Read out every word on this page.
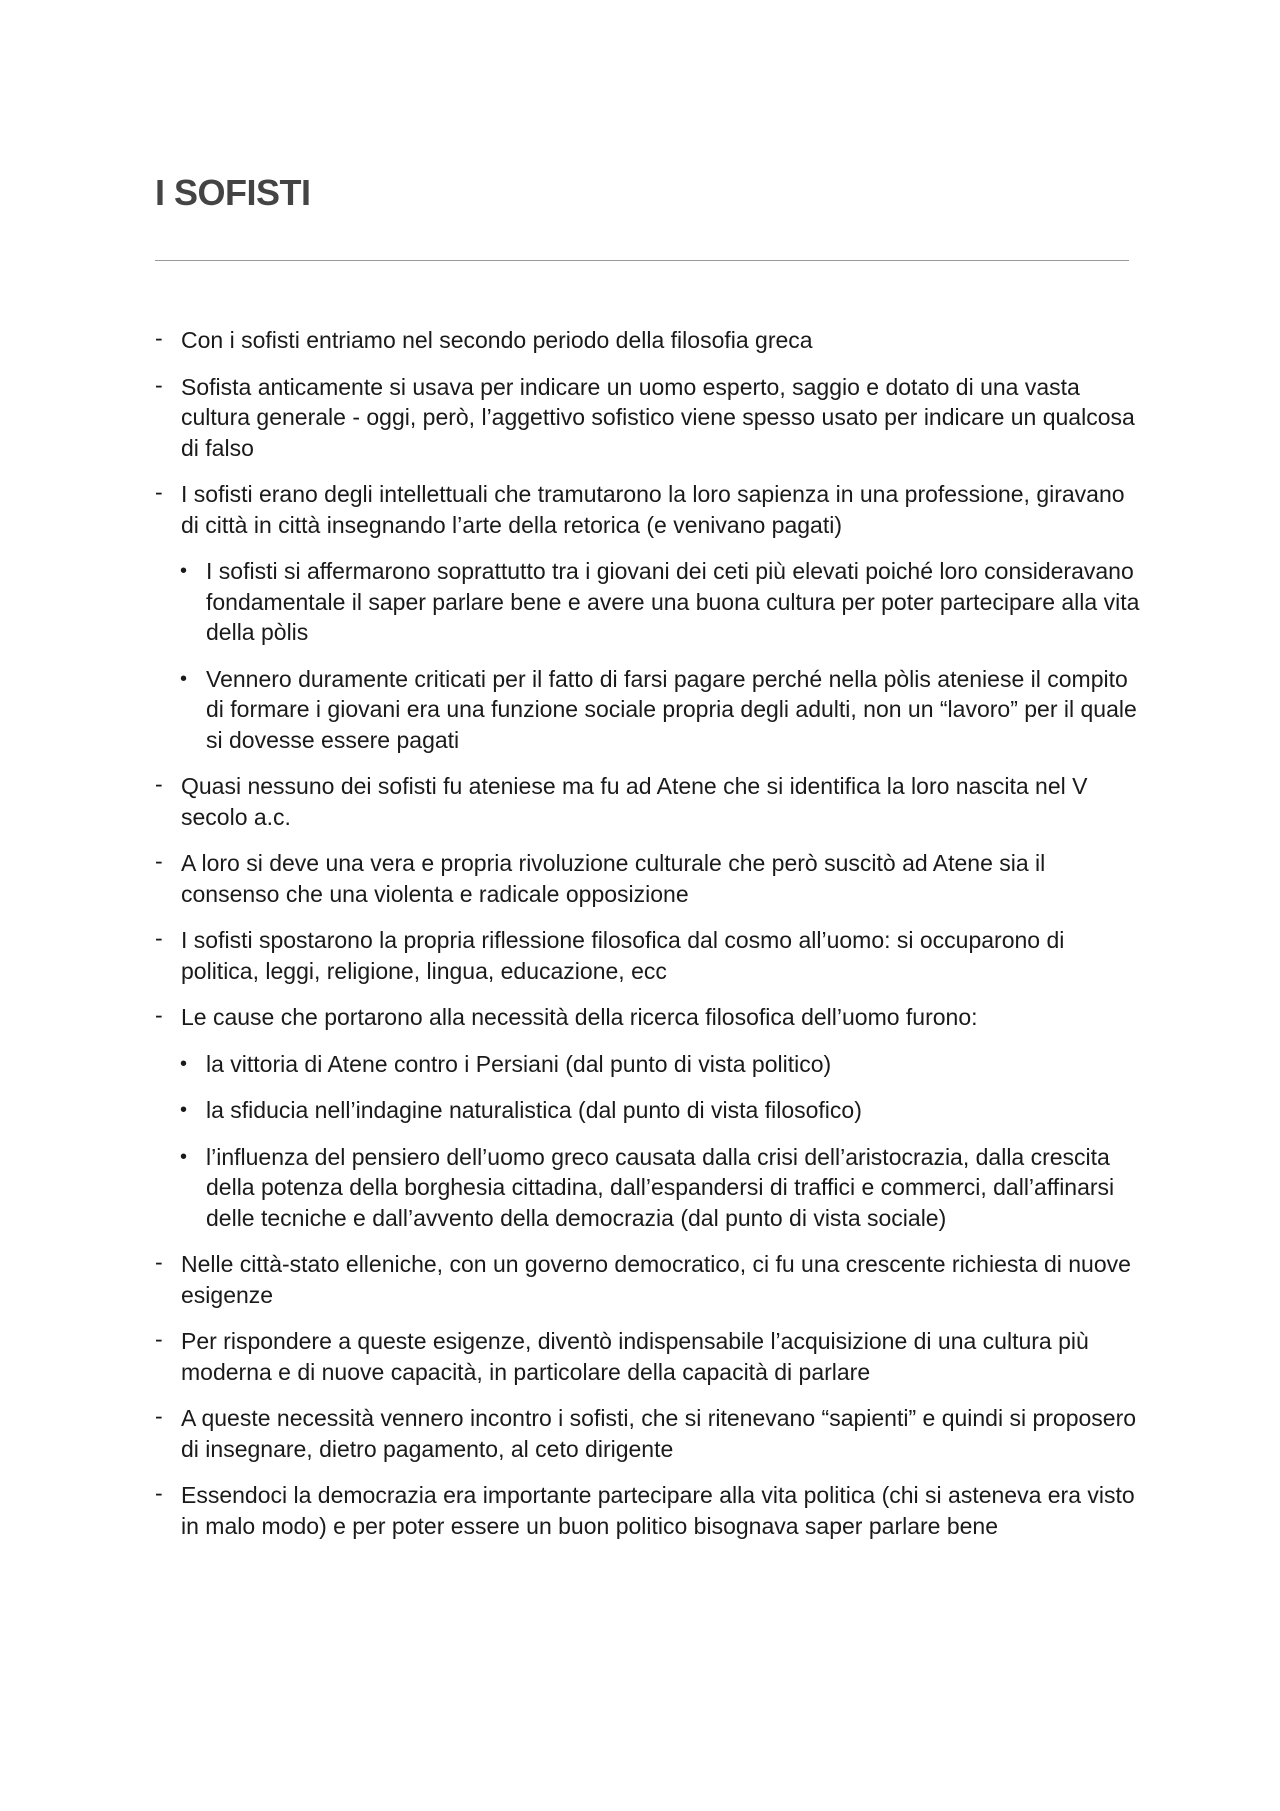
I SOFISTI
- Con i sofisti entriamo nel secondo periodo della filosofia greca
- Sofista anticamente si usava per indicare un uomo esperto, saggio e dotato di una vasta cultura generale - oggi, però, l’aggettivo sofistico viene spesso usato per indicare un qualcosa di falso
- I sofisti erano degli intellettuali che tramutarono la loro sapienza in una professione, giravano di città in città insegnando l’arte della retorica (e venivano pagati)
• I sofisti si affermarono soprattutto tra i giovani dei ceti più elevati poiché loro consideravano fondamentale il saper parlare bene e avere una buona cultura per poter partecipare alla vita della pòlis
• Vennero duramente criticati per il fatto di farsi pagare perché nella pòlis ateniese il compito di formare i giovani era una funzione sociale propria degli adulti, non un “lavoro” per il quale si dovesse essere pagati
- Quasi nessuno dei sofisti fu ateniese ma fu ad Atene che si identifica la loro nascita nel V secolo a.c.
- A loro si deve una vera e propria rivoluzione culturale che però suscitò ad Atene sia il consenso che una violenta e radicale opposizione
- I sofisti spostarono la propria riflessione filosofica dal cosmo all’uomo: si occuparono di politica, leggi, religione, lingua, educazione, ecc
- Le cause che portarono alla necessità della ricerca filosofica dell’uomo furono:
• la vittoria di Atene contro i Persiani (dal punto di vista politico)
• la sfiducia nell’indagine naturalistica (dal punto di vista filosofico)
• l’influenza del pensiero dell’uomo greco causata dalla crisi dell’aristocrazia, dalla crescita della potenza della borghesia cittadina, dall’espandersi di traffici e commerci, dall’affinarsi delle tecniche e dall’avvento della democrazia (dal punto di vista sociale)
- Nelle città-stato elleniche, con un governo democratico, ci fu una crescente richiesta di nuove esigenze
- Per rispondere a queste esigenze, diventò indispensabile l’acquisizione di una cultura più moderna e di nuove capacità, in particolare della capacità di parlare
- A queste necessità vennero incontro i sofisti, che si ritenevano “sapienti” e quindi si proposero di insegnare, dietro pagamento, al ceto dirigente
- Essendoci la democrazia era importante partecipare alla vita politica (chi si asteneva era visto in malo modo) e per poter essere un buon politico bisognava saper parlare bene
